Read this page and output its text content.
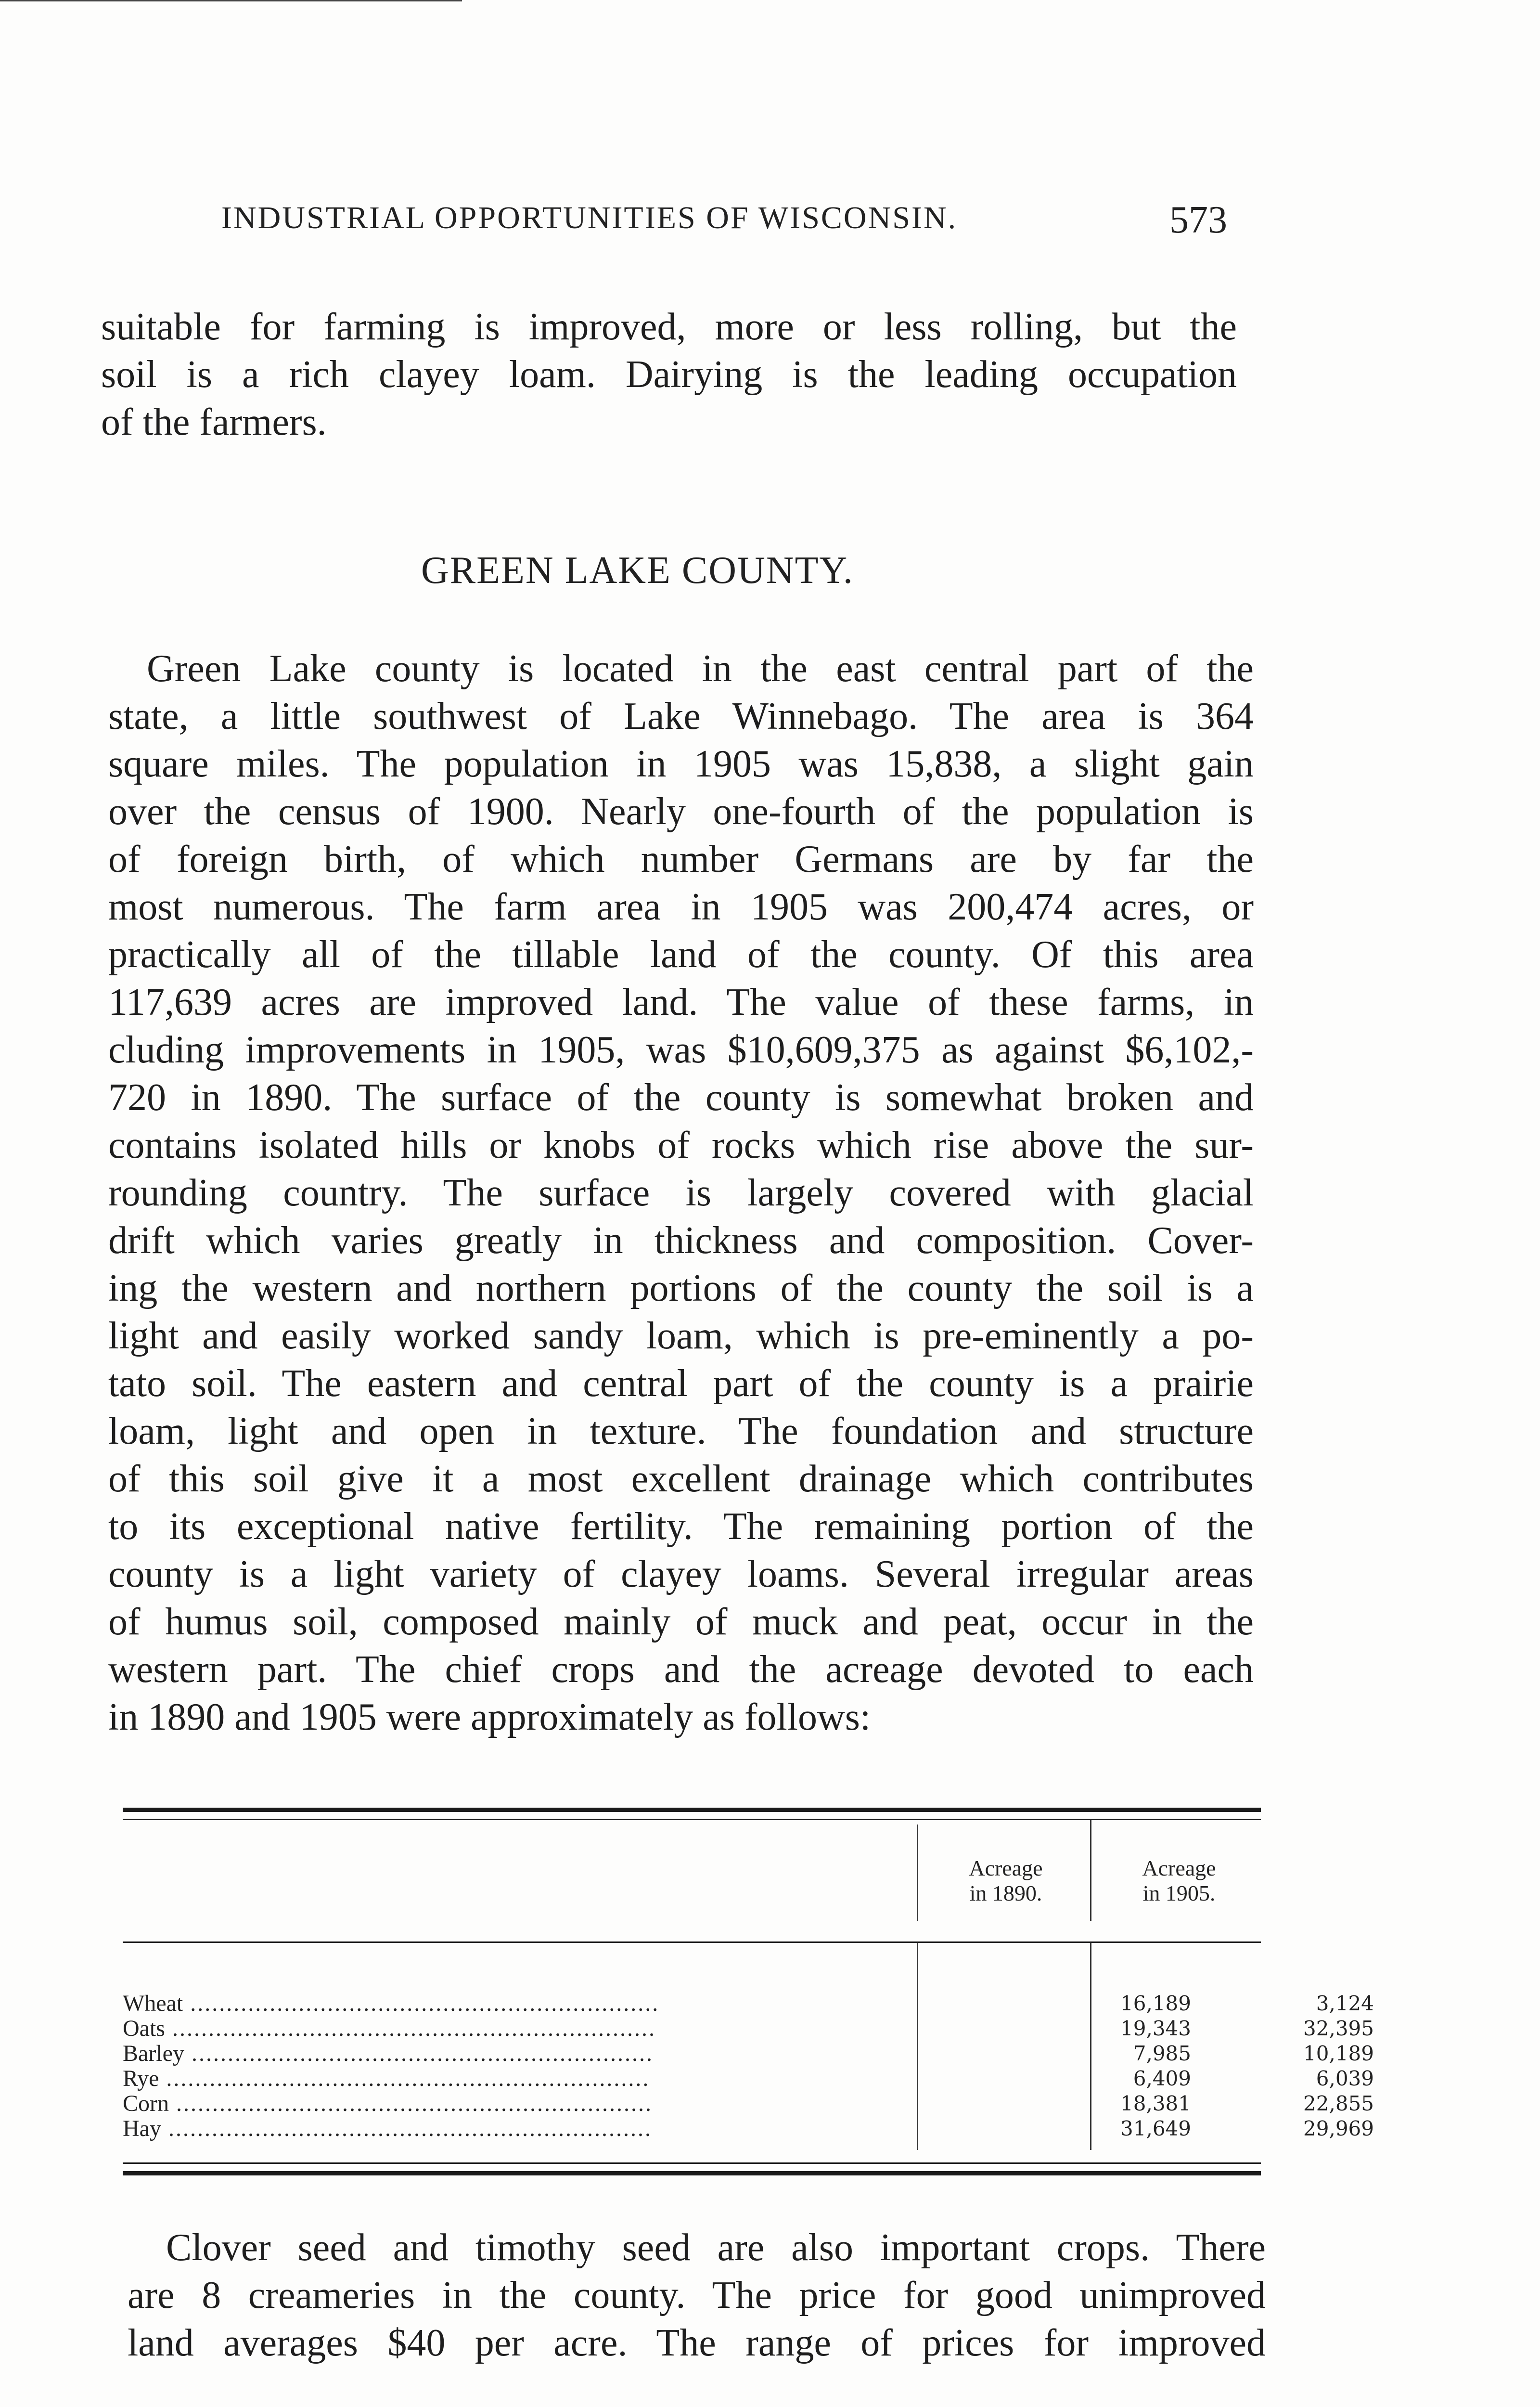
INDUSTRIAL OPPORTUNITIES OF WISCONSIN.	573
suitable for farming is improved, more or less rolling, but the
soil is a rich clayey loam. Dairying is the leading occupation
of the farmers.
GREEN LAKE COUNTY.
Green Lake county is located in the east central part of the
state, a little southwest of Lake Winnebago. The area is 364
square miles. The population in 1905 was 15,838, a slight gain
over the census of 1900. Nearly one-fourth of the population is
of foreign birth, of which number Germans are by far the
most numerous. The farm area in 1905 was 200,474 acres, or
practically all of the tillable land of the county. Of this area
117,639 acres are improved land. The value of these farms, in
cluding improvements in 1905, was $10,609,375 as against $6,102,-
720 in 1890. The surface of the county is somewhat broken and
contains isolated hills or knobs of rocks which rise above the sur-
rounding country. The surface is largely covered with glacial
drift which varies greatly in thickness and composition. Cover-
ing the western and northern portions of the county the soil is a
light and easily worked sandy loam, which is pre-eminently a po-
tato soil. The eastern and central part of the county is a prairie
loam, light and open in texture. The foundation and structure
of this soil give it a most excellent drainage which contributes
to its exceptional native fertility. The remaining portion of the
county is a light variety of clayey loams. Several irregular areas
of humus soil, composed mainly of muck and peat, occur in the
western part. The chief crops and the acreage devoted to each
in 1890 and 1905 were approximately as follows:
Acreage
in 1890.
Acreage
in 1905.
Wheat .................................................................	16,189	3,124
Oats ...................................................................	19,343	32,395
Barley ................................................................	7,985	10,189
Rye ...................................................................	6,409	6,039
Corn ..................................................................	18,381	22,855
Hay ...................................................................	31,649	29,969
Clover seed and timothy seed are also important crops. There
are 8 creameries in the county. The price for good unimproved
land averages $40 per acre. The range of prices for improved
